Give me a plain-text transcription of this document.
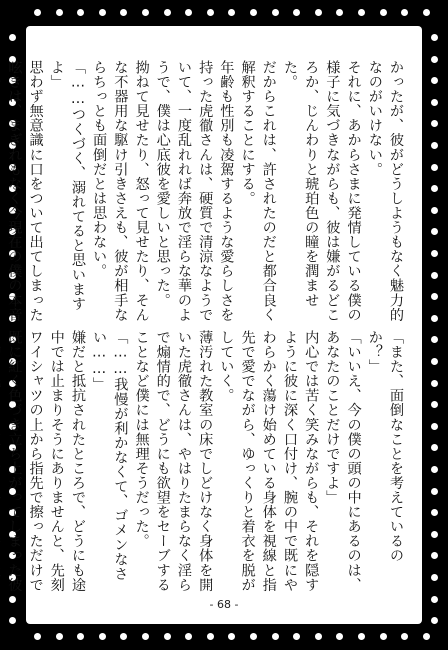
かったが、彼がどうしようもなく魅力的なのがいけない。
それに、あからさまに発情している僕の様子に気づきながらも、彼は嫌がるどころか、じんわりと琥珀色の瞳を潤ませた。
だからこれは、許されたのだと都合良く解釈することにする。
年齢も性別も凌駕するような愛らしさを持った虎徹さんは、硬質で清涼なようでいて、一度乱れれば奔放で淫らな華のようで、僕は心底彼を愛しいと思った。
拗ねて見せたり、怒って見せたり、そんな不器用な駆け引きさえも、彼が相手ならちっとも面倒だとは思わない。
「……つくづく、溺れてると思いますよ」
思わず無意識に口をついて出てしまった呟きは、まぎれもなく今現在の僕の本音

「また、面倒なことを考えているのか？」
「いいえ、今の僕の頭の中にあるのは、あなたのことだけですよ」
内心では苦く笑みながらも、それを隠すように彼に深く口付け、腕の中で既にやわらかく蕩け始めている身体を視線と指先で愛でながら、ゆっくりと着衣を脱がしていく。
薄汚れた教室の床でしどけなく身体を開いた虎徹さんは、やはりたまらなく淫らで煽情的で、どうにも欲望をセーブすることなど僕には無理そうだった。
「……我慢が利かなくて、ゴメンなさい……」
嫌だと抵抗されたところで、どうにも途中では止まりそうにありませんと、先刻ワイシャツの上から指先で擦っただけで既に紅く色づき立ち上がってしまった彼

- 68 -
